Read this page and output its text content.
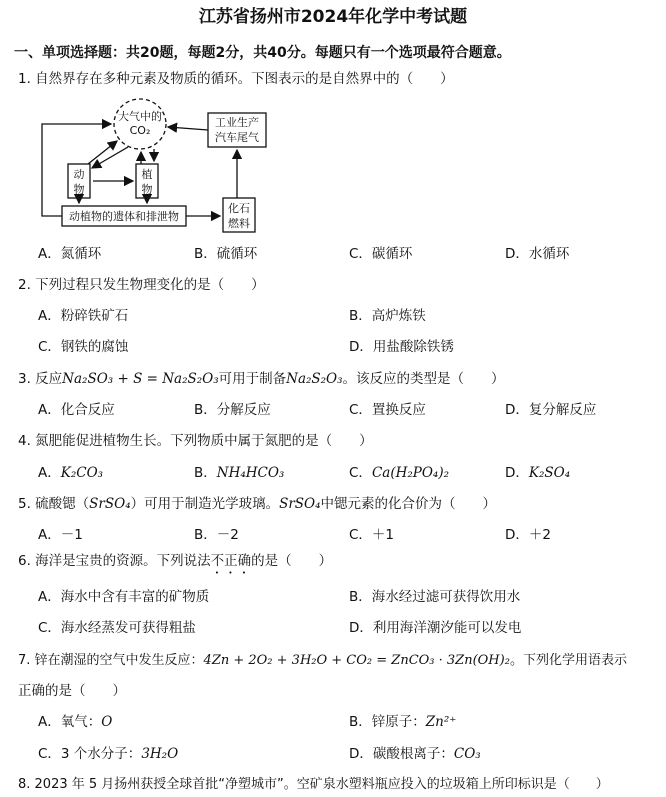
江苏省扬州市2024年化学中考试题
一、单项选择题：共20题，每题2分，共40分。每题只有一个选项最符合题意。
1. 自然界存在多种元素及物质的循环。下图表示的是自然界中的（　　）
大气中的
CO₂
工业生产
汽车尾气
动
物
植
物
动植物的遗体和排泄物
化石
燃料
A．氮循环	B．硫循环	C．碳循环	D．水循环
2. 下列过程只发生物理变化的是（　　）
A．粉碎铁矿石	B．高炉炼铁
C．钢铁的腐蚀	D．用盐酸除铁锈
3. 反应Na₂SO₃ + S = Na₂S₂O₃可用于制备Na₂S₂O₃。该反应的类型是（　　）
A．化合反应	B．分解反应	C．置换反应	D．复分解反应
4. 氮肥能促进植物生长。下列物质中属于氮肥的是（　　）
A．K₂CO₃	B．NH₄HCO₃	C．Ca(H₂PO₄)₂	D．K₂SO₄
5. 硫酸锶（SrSO₄）可用于制造光学玻璃。SrSO₄中锶元素的化合价为（　　）
A．－1	B．－2	C．＋1	D．＋2
6. 海洋是宝贵的资源。下列说法不正确的是（　　）
A．海水中含有丰富的矿物质	B．海水经过滤可获得饮用水
C．海水经蒸发可获得粗盐	D．利用海洋潮汐能可以发电
7. 锌在潮湿的空气中发生反应：4Zn + 2O₂ + 3H₂O + CO₂ = ZnCO₃ · 3Zn(OH)₂。下列化学用语表示
正确的是（　　）
A．氧气：O	B．锌原子：Zn²⁺
C．3 个水分子：3H₂O	D．碳酸根离子：CO₃
8. 2023 年 5 月扬州获授全球首批“净塑城市”。空矿泉水塑料瓶应投入的垃圾箱上所印标识是（　　）
